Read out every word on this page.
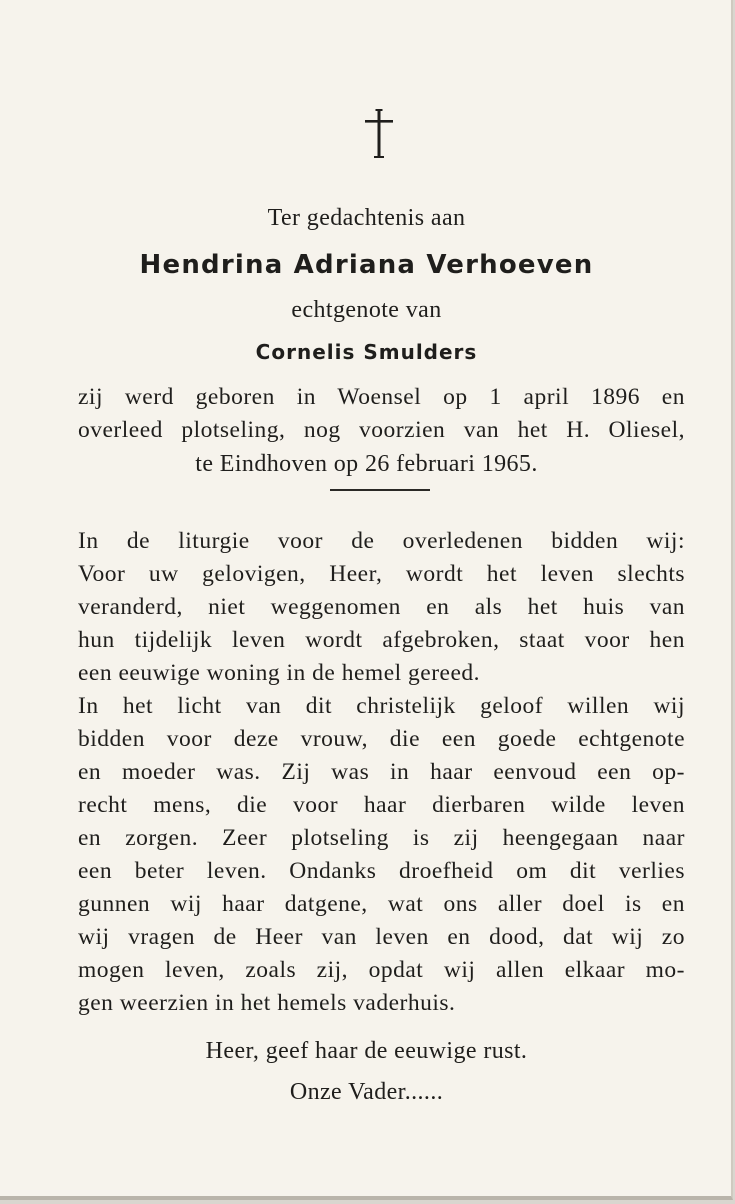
Ter gedachtenis aan
Hendrina Adriana Verhoeven
echtgenote van
Cornelis Smulders
zij werd geboren in Woensel op 1 april 1896 en
overleed plotseling, nog voorzien van het H. Oliesel,
te Eindhoven op 26 februari 1965.
In de liturgie voor de overledenen bidden wij:
Voor uw gelovigen, Heer, wordt het leven slechts
veranderd, niet weggenomen en als het huis van
hun tijdelijk leven wordt afgebroken, staat voor hen
een eeuwige woning in de hemel gereed.
In het licht van dit christelijk geloof willen wij
bidden voor deze vrouw, die een goede echtgenote
en moeder was. Zij was in haar eenvoud een op-
recht mens, die voor haar dierbaren wilde leven
en zorgen. Zeer plotseling is zij heengegaan naar
een beter leven. Ondanks droefheid om dit verlies
gunnen wij haar datgene, wat ons aller doel is en
wij vragen de Heer van leven en dood, dat wij zo
mogen leven, zoals zij, opdat wij allen elkaar mo-
gen weerzien in het hemels vaderhuis.
Heer, geef haar de eeuwige rust.
Onze Vader......
